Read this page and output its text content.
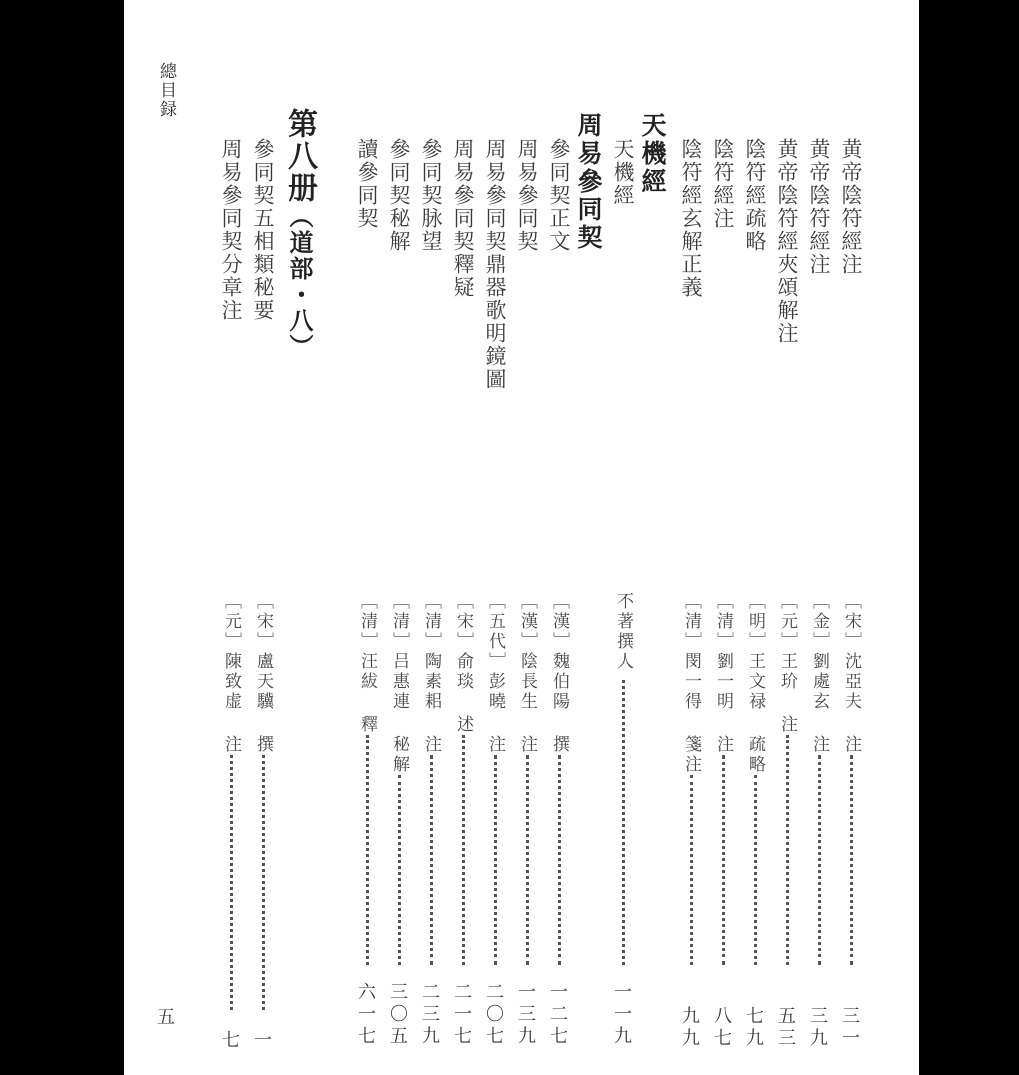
總目録
五
黄帝陰符經注
［宋］沈亞夫 注
三一
黄帝陰符經注
［金］劉處玄 注
三九
黄帝陰符經夾頌解注
［元］王玠 注
五三
陰符經疏略
［明］王文禄 疏略
七九
陰符經注
［清］劉一明 注
八七
陰符經玄解正義
［清］閔一得 箋注
九九
天機經
天機經
不著撰人
一一九
周易參同契
參同契正文
［漢］魏伯陽 撰
一二七
周易參同契
［漢］陰長生 注
一三九
周易參同契鼎器歌明鏡圖
［五代］彭曉 注
二〇七
周易參同契釋疑
［宋］俞琰 述
二一七
參同契脉望
［清］陶素耜 注
二三九
參同契秘解
［清］吕惠連 秘解
三〇五
讀參同契
［清］汪紱 釋
六一七
第八册（道部・八）
參同契五相類秘要
［宋］盧天驥 撰
一
周易參同契分章注
［元］陳致虚 注
七
